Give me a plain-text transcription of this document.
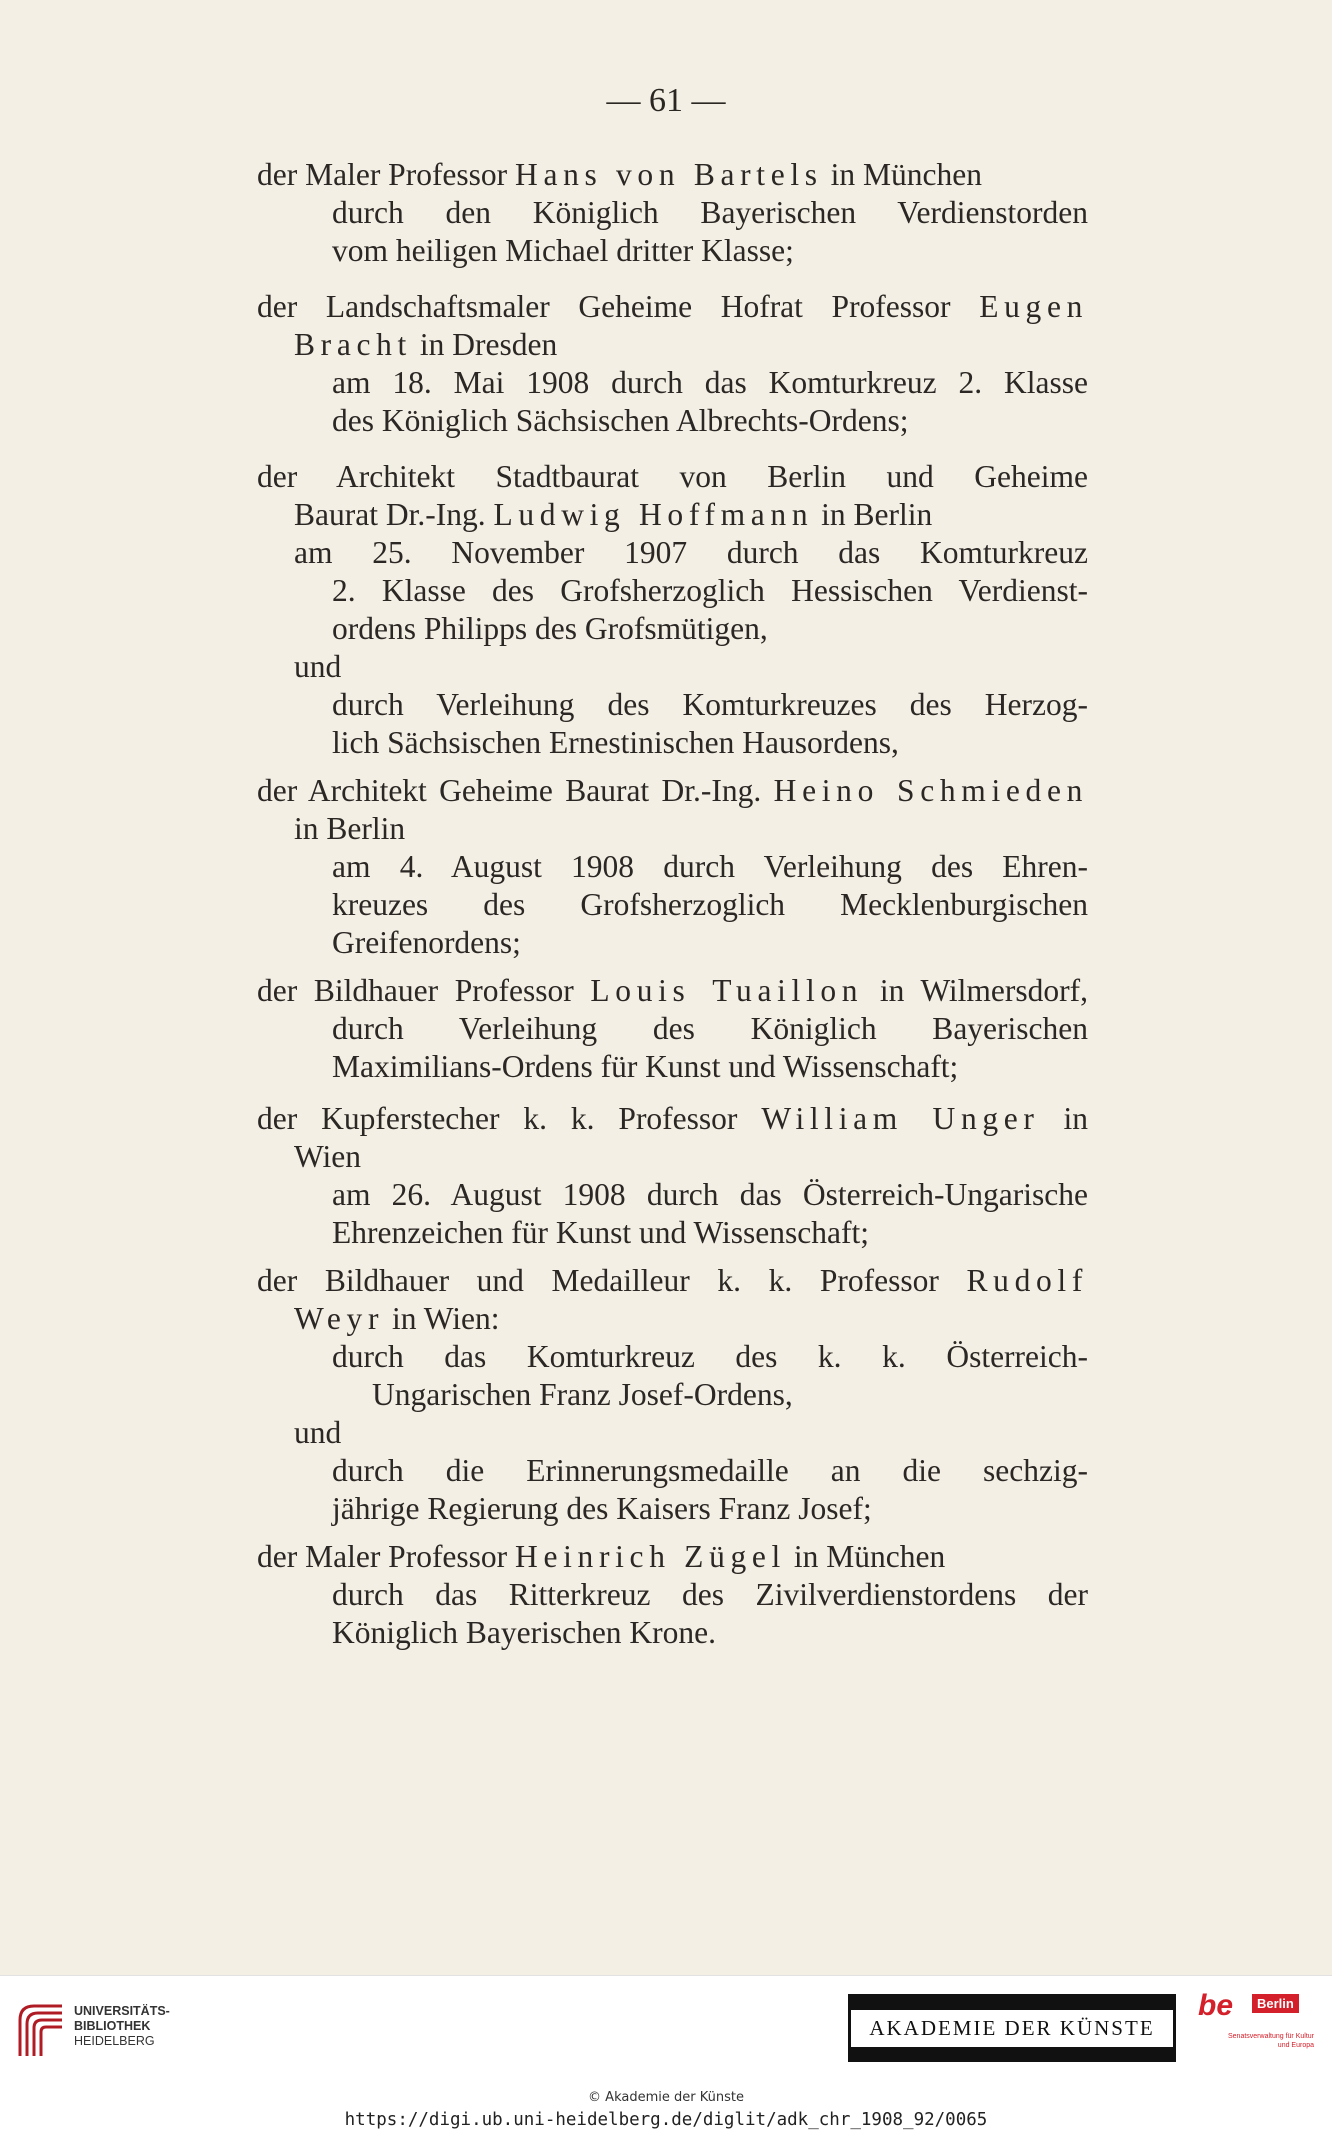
— 61 —
der Maler Professor Hans von Bartels in München
durch den Königlich Bayerischen Verdienstorden
vom heiligen Michael dritter Klasse;
der Landschaftsmaler Geheime Hofrat Professor Eugen
Bracht in Dresden
am 18. Mai 1908 durch das Komturkreuz 2. Klasse
des Königlich Sächsischen Albrechts-Ordens;
der Architekt Stadtbaurat von Berlin und Geheime
Baurat Dr.-Ing. Ludwig Hoffmann in Berlin
am 25. November 1907 durch das Komturkreuz
2. Klasse des Grofsherzoglich Hessischen Verdienst-
ordens Philipps des Grofsmütigen,
und
durch Verleihung des Komturkreuzes des Herzog-
lich Sächsischen Ernestinischen Hausordens,
der Architekt Geheime Baurat Dr.-Ing. Heino Schmieden
in Berlin
am 4. August 1908 durch Verleihung des Ehren-
kreuzes des Grofsherzoglich Mecklenburgischen
Greifenordens;
der Bildhauer Professor Louis Tuaillon in Wilmersdorf,
durch Verleihung des Königlich Bayerischen
Maximilians-Ordens für Kunst und Wissenschaft;
der Kupferstecher k. k. Professor William Unger in
Wien
am 26. August 1908 durch das Österreich-Ungarische
Ehrenzeichen für Kunst und Wissenschaft;
der Bildhauer und Medailleur k. k. Professor Rudolf
Weyr in Wien:
durch das Komturkreuz des k. k. Österreich-
Ungarischen Franz Josef-Ordens,
und
durch die Erinnerungsmedaille an die sechzig-
jährige Regierung des Kaisers Franz Josef;
der Maler Professor Heinrich Zügel in München
durch das Ritterkreuz des Zivilverdienstordens der
Königlich Bayerischen Krone.
UNIVERSITÄTS-
BIBLIOTHEK
HEIDELBERG
AKADEMIE DER KÜNSTE
be	Berlin
Senatsverwaltung für Kultur und Europa
© Akademie der Künste
https://digi.ub.uni-heidelberg.de/diglit/adk_chr_1908_92/0065
